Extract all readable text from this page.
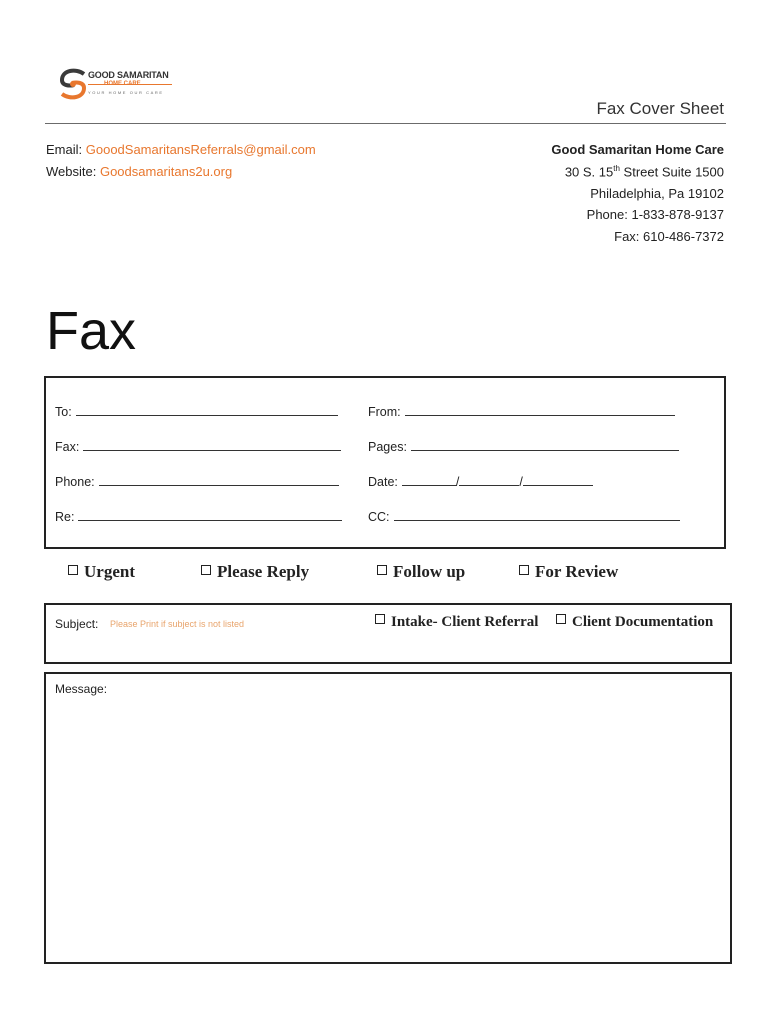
GOOD SAMARITAN
HOME CARE
YOUR HOME OUR CARE
Fax Cover Sheet
Email: GooodSamaritansReferrals@gmail.com
Website: Goodsamaritans2u.org
Good Samaritan Home Care
30 S. 15th Street Suite 1500
Philadelphia, Pa 19102
Phone: 1-833-878-9137
Fax: 610-486-7372
Fax
To:	From:
Fax:	Pages:
Phone:	Date:	/	/
Re:	CC:
Urgent	Please Reply	Follow up	For Review
Subject: Please Print if subject is not listed	Intake- Client Referral	Client Documentation
Message:
